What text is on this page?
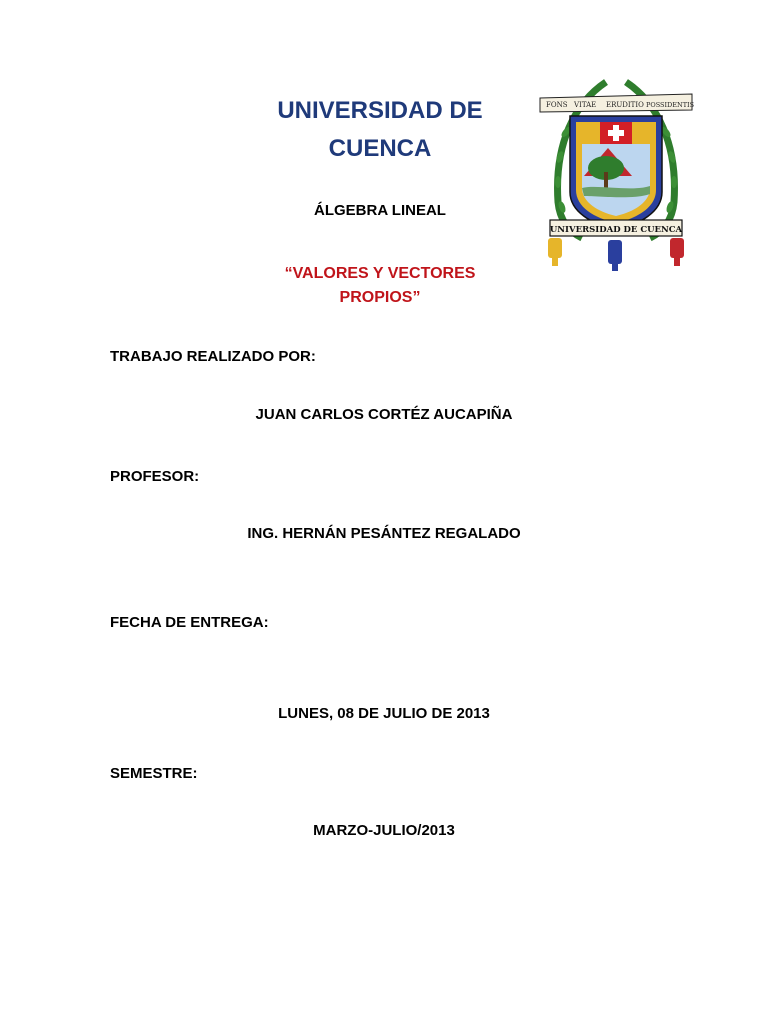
UNIVERSIDAD DE
CUENCA
ÁLGEBRA LINEAL
“VALORES Y VECTORES
PROPIOS”
TRABAJO REALIZADO POR:
JUAN CARLOS CORTÉZ AUCAPIÑA
PROFESOR:
ING. HERNÁN PESÁNTEZ REGALADO
FECHA DE ENTREGA:
LUNES, 08 DE JULIO DE 2013
SEMESTRE:
MARZO-JULIO/2013
FONS VITAE ERUDITIO POSSIDENTIS
UNIVERSIDAD DE CUENCA
